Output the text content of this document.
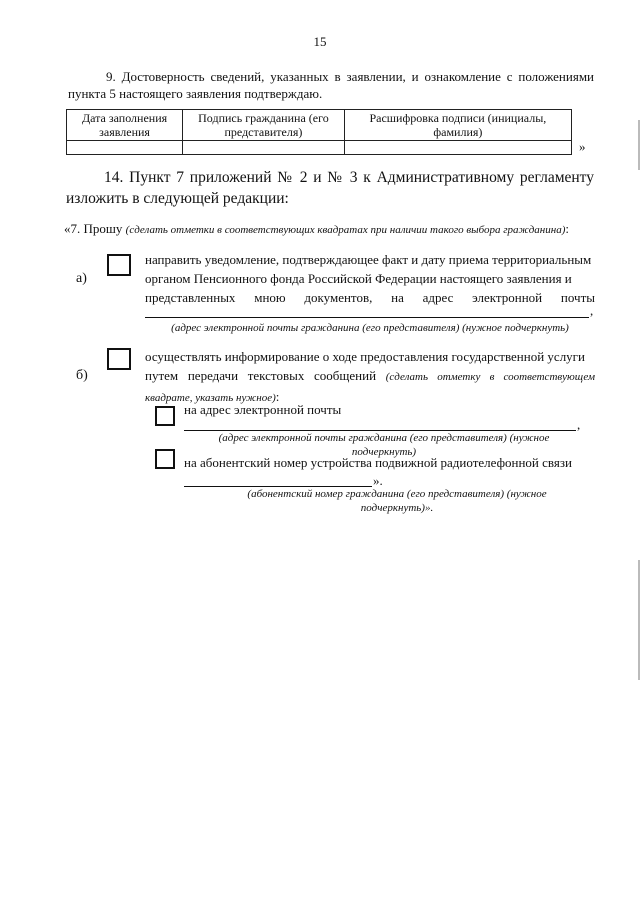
15
9. Достоверность сведений, указанных в заявлении, и ознакомление с положениями пункта 5 настоящего заявления подтверждаю.
Дата заполнения заявления	Подпись гражданина (его представителя)	Расшифровка подписи (инициалы, фамилия)

»
14. Пункт 7 приложений № 2 и № 3 к Административному регламенту изложить в следующей редакции:
«7. Прошу (сделать отметки в соответствующих квадратах при наличии такого выбора гражданина):
а)
направить уведомление, подтверждающее факт и дату приема территориальным
органом Пенсионного фонда Российской Федерации настоящего заявления и
представленных мною документов, на адрес электронной почты
,
(адрес электронной почты гражданина (его представителя) (нужное подчеркнуть)
б)
осуществлять информирование о ходе предоставления государственной услуги
путем передачи текстовых сообщений (сделать отметку в соответствующем квадрате, указать нужное):
на адрес электронной почты
,
(адрес электронной почты гражданина (его представителя) (нужное подчеркнуть)
на абонентский номер устройства подвижной радиотелефонной связи
».
(абонентский номер гражданина (его представителя) (нужное подчеркнуть)».
